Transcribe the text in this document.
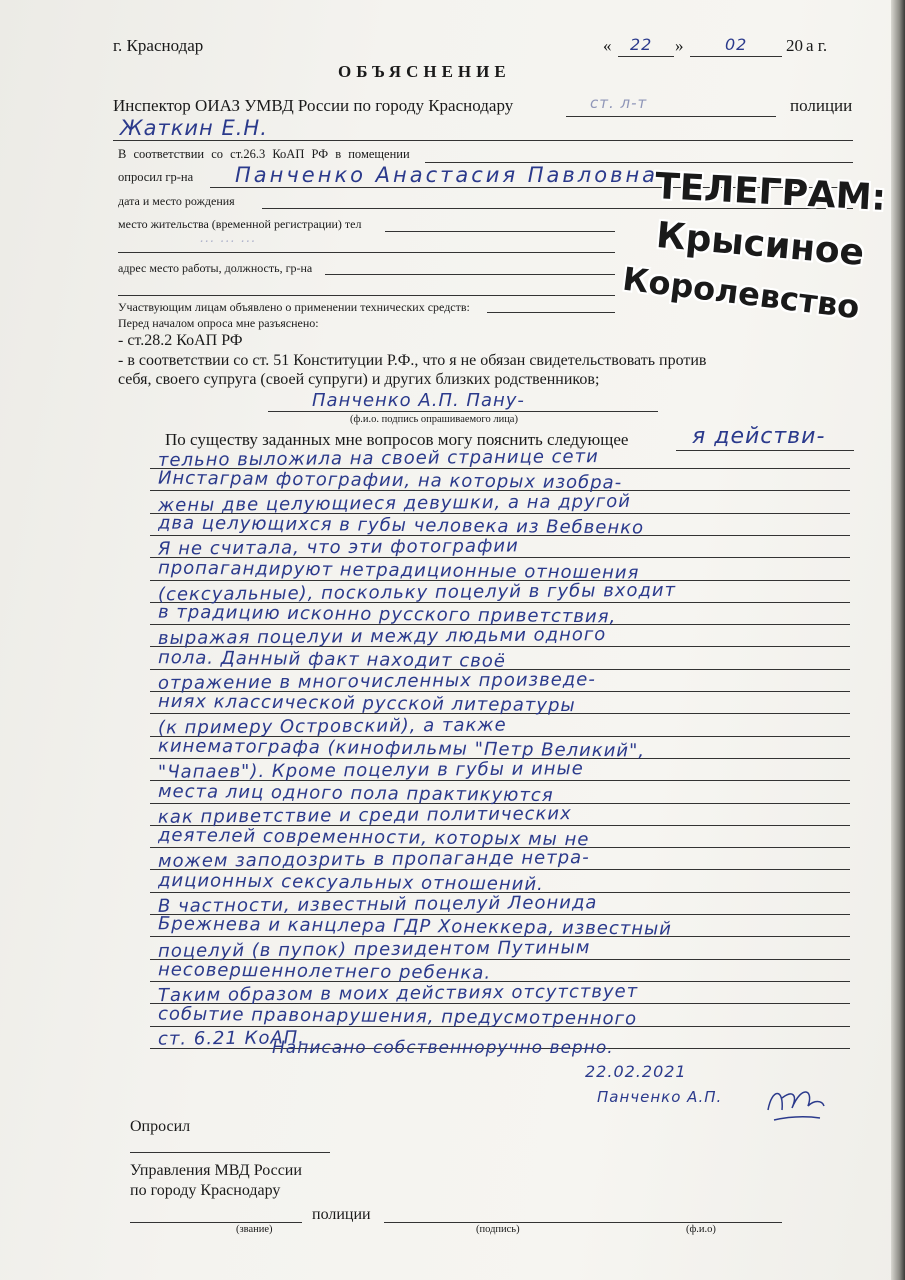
г. Краснодар	« 22 »	02 20 а г.
ОБЪЯСНЕНИЕ
Инспектор ОИАЗ УМВД России по городу Краснодару	ст. л-т	полиции
Жаткин Е.Н.
В соответствии со ст.26.3 КоАП РФ в помещении
опросил гр-на Панченко Анастасия Павловна
дата и место рождения
место жительства (временной регистрации) тел
... ... ...
адрес место работы, должность, гр-на
Участвующим лицам объявлено о применении технических средств:
Перед началом опроса мне разъяснено:
- ст.28.2 КоАП РФ
- в соответствии со ст. 51 Конституции Р.Ф., что я не обязан свидетельствовать против
себя, своего супруга (своей супруги) и других близких родственников;
Панченко А.П. Пану-
(ф.и.о. подпись опрашиваемого лица)
По существу заданных мне вопросов могу пояснить следующее	я действи-
тельно выложила на своей странице сети
Инстаграм фотографии, на которых изобра-
жены две целующиеся девушки, а на другой
два целующихся в губы человека из Вебвенко
Я не считала, что эти фотографии
пропагандируют нетрадиционные отношения
(сексуальные), поскольку поцелуй в губы входит
в традицию исконно русского приветствия,
выражая поцелуи и между людьми одного
пола. Данный факт находит своё
отражение в многочисленных произведе-
ниях классической русской литературы
(к примеру Островский), а также
кинематографа (кинофильмы "Петр Великий",
"Чапаев"). Кроме поцелуи в губы и иные
места лиц одного пола практикуются
как приветствие и среди политических
деятелей современности, которых мы не
можем заподозрить в пропаганде нетра-
диционных сексуальных отношений.
В частности, известный поцелуй Леонида
Брежнева и канцлера ГДР Хонеккера, известный
поцелуй (в пупок) президентом Путиным
несовершеннолетнего ребенка.
Таким образом в моих действиях отсутствует
событие правонарушения, предусмотренного
ст. 6.21 КоАП.
Написано собственноручно верно.
22.02.2021
Панченко А.П.
Опросил
Управления МВД России
по городу Краснодару
полиции
(звание)	(подпись)	(ф.и.о)
ТЕЛЕГРАМ:
Крысиное
Королевство
